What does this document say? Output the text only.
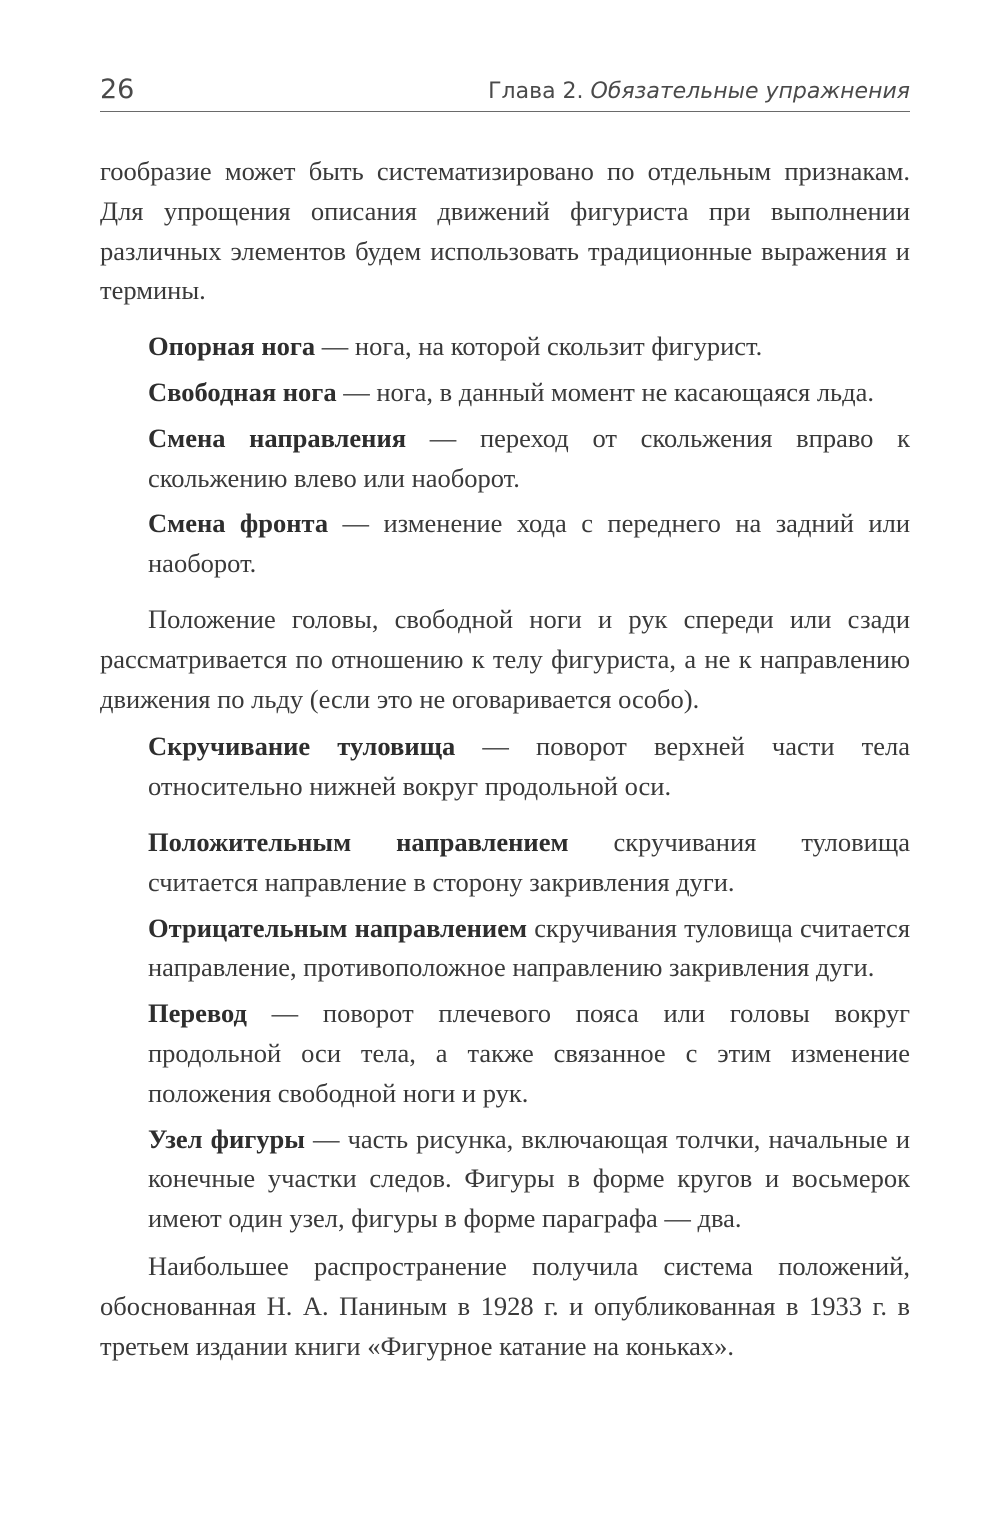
26	Глава 2. Обязательные упражнения

гообразие может быть систематизировано по отдельным признакам. Для упрощения описания движений фигуриста при выполнении различных элементов будем использовать традиционные выражения и термины.

Опорная нога — нога, на которой скользит фигурист.

Свободная нога — нога, в данный момент не касающаяся льда.

Смена направления — переход от скольжения вправо к скольжению влево или наоборот.

Смена фронта — изменение хода с переднего на задний или наоборот.

Положение головы, свободной ноги и рук спереди или сзади рассматривается по отношению к телу фигуриста, а не к направлению движения по льду (если это не оговаривается особо).

Скручивание туловища — поворот верхней части тела относительно нижней вокруг продольной оси.

Положительным направлением скручивания туловища считается направление в сторону закривления дуги.

Отрицательным направлением скручивания туловища считается направление, противоположное направлению закривления дуги.

Перевод — поворот плечевого пояса или головы вокруг продольной оси тела, а также связанное с этим изменение положения свободной ноги и рук.

Узел фигуры — часть рисунка, включающая толчки, начальные и конечные участки следов. Фигуры в форме кругов и восьмерок имеют один узел, фигуры в форме параграфа — два.

Наибольшее распространение получила система положений, обоснованная Н. А. Паниным в 1928 г. и опубликованная в 1933 г. в третьем издании книги «Фигурное катание на коньках».
